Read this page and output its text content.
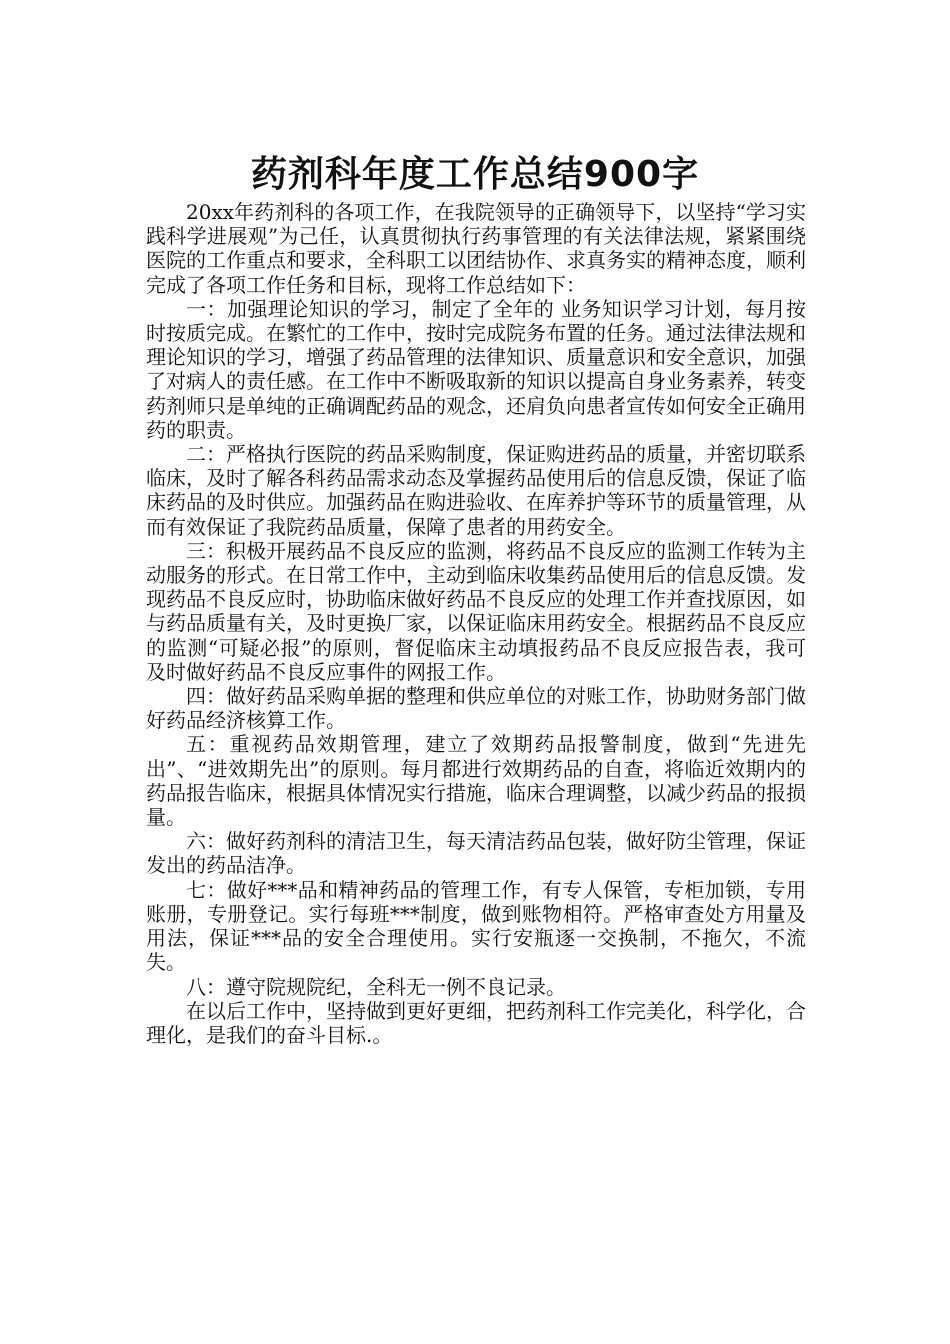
药剂科年度工作总结900字

20xx年药剂科的各项工作，在我院领导的正确领导下，以坚持“学习实践科学进展观”为己任，认真贯彻执行药事管理的有关法律法规，紧紧围绕医院的工作重点和要求，全科职工以团结协作、求真务实的精神态度，顺利完成了各项工作任务和目标，现将工作总结如下：

一：加强理论知识的学习，制定了全年的 业务知识学习计划，每月按时按质完成。在繁忙的工作中，按时完成院务布置的任务。通过法律法规和理论知识的学习，增强了药品管理的法律知识、质量意识和安全意识，加强了对病人的责任感。在工作中不断吸取新的知识以提高自身业务素养，转变药剂师只是单纯的正确调配药品的观念，还肩负向患者宣传如何安全正确用药的职责。

二：严格执行医院的药品采购制度，保证购进药品的质量，并密切联系临床，及时了解各科药品需求动态及掌握药品使用后的信息反馈，保证了临床药品的及时供应。加强药品在购进验收、在库养护等环节的质量管理，从而有效保证了我院药品质量，保障了患者的用药安全。

三：积极开展药品不良反应的监测，将药品不良反应的监测工作转为主动服务的形式。在日常工作中，主动到临床收集药品使用后的信息反馈。发现药品不良反应时，协助临床做好药品不良反应的处理工作并查找原因，如与药品质量有关，及时更换厂家，以保证临床用药安全。根据药品不良反应的监测“可疑必报”的原则，督促临床主动填报药品不良反应报告表，我可及时做好药品不良反应事件的网报工作。

四：做好药品采购单据的整理和供应单位的对账工作，协助财务部门做好药品经济核算工作。

五：重视药品效期管理，建立了效期药品报警制度，做到“先进先出”、“进效期先出”的原则。每月都进行效期药品的自查，将临近效期内的药品报告临床，根据具体情况实行措施，临床合理调整，以减少药品的报损量。

六：做好药剂科的清洁卫生，每天清洁药品包装，做好防尘管理，保证发出的药品洁净。

七：做好***品和精神药品的管理工作，有专人保管，专柜加锁，专用账册，专册登记。实行每班***制度，做到账物相符。严格审查处方用量及用法，保证***品的安全合理使用。实行安瓶逐一交换制，不拖欠，不流失。

八：遵守院规院纪，全科无一例不良记录。

在以后工作中，坚持做到更好更细，把药剂科工作完美化，科学化，合理化，是我们的奋斗目标.。
